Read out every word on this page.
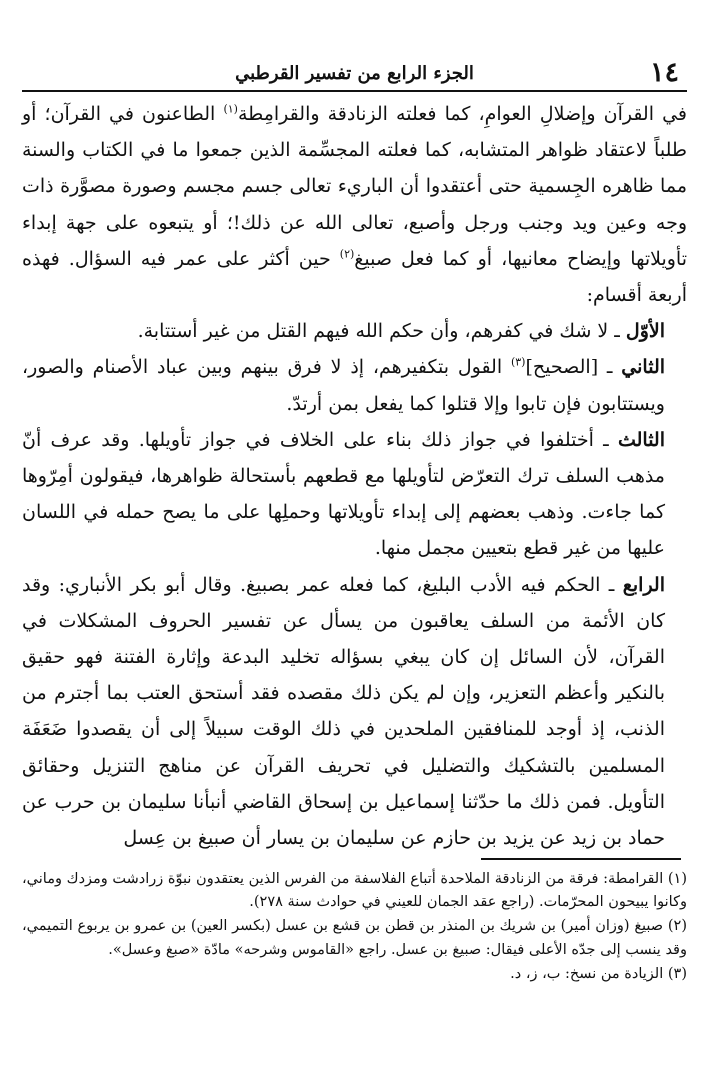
١٤
الجزء الرابع من تفسير القرطبي

في القرآن وإضلالِ العوامِ، كما فعلته الزنادقة والقرامِطة$^{(١)}$ الطاعنون في القرآن؛ أو طلباً لاعتقاد ظواهر المتشابه، كما فعلته المجسِّمة الذين جمعوا ما في الكتاب والسنة مما ظاهره الجِسمية حتى أعتقدوا أن الباريء تعالى جسم مجسم وصورة مصوَّرة ذات وجه وعين ويد وجنب ورجل وأصبع، تعالى الله عن ذلك!؛ أو يتبعوه على جهة إبداء تأويلاتها وإيضاح معانيها، أو كما فعل صبيغ$^{(٢)}$ حين أكثر على عمر فيه السؤال. فهذه أربعة أقسام:

الأوّل ـ لا شك في كفرهم، وأن حكم الله فيهم القتل من غير أستتابة.

الثاني ـ [الصحيح]$^{(٣)}$ القول بتكفيرهم، إذ لا فرق بينهم وبين عباد الأصنام والصور، ويستتابون فإن تابوا وإلا قتلوا كما يفعل بمن أرتدّ.

الثالث ـ أختلفوا في جواز ذلك بناء على الخلاف في جواز تأويلها. وقد عرف أنّ مذهب السلف ترك التعرّض لتأويلها مع قطعهم بأستحالة ظواهرها، فيقولون أمِرّوها كما جاءت. وذهب بعضهم إلى إبداء تأويلاتها وحملِها على ما يصح حمله في اللسان عليها من غير قطع بتعيين مجمل منها.

الرابع ـ الحكم فيه الأدب البليغ، كما فعله عمر بصبيغ. وقال أبو بكر الأنباري: وقد كان الأئمة من السلف يعاقبون من يسأل عن تفسير الحروف المشكلات في القرآن، لأن السائل إن كان يبغي بسؤاله تخليد البدعة وإثارة الفتنة فهو حقيق بالنكير وأعظم التعزير، وإن لم يكن ذلك مقصده فقد أستحق العتب بما أجترم من الذنب، إذ أوجد للمنافقين الملحدين في ذلك الوقت سبيلاً إلى أن يقصدوا ضَعَفَة المسلمين بالتشكيك والتضليل في تحريف القرآن عن مناهج التنزيل وحقائق التأويل. فمن ذلك ما حدّثنا إسماعيل بن إسحاق القاضي أنبأنا سليمان بن حرب عن حماد بن زيد عن يزيد بن حازم عن سليمان بن يسار أن صبيغ بن عِسل

(١) القرامطة: فرقة من الزنادقة الملاحدة أتباع الفلاسفة من الفرس الذين يعتقدون نبوّة زرادشت ومزدك وماني، وكانوا يبيحون المحرّمات. (راجع عقد الجمان للعيني في حوادث سنة ٢٧٨).

(٢) صبيغ (وزان أمير) بن شريك بن المنذر بن قطن بن قشع بن عسل (بكسر العين) بن عمرو بن يربوع التميمي، وقد ينسب إلى جدّه الأعلى فيقال: صبيغ بن عسل. راجع «القاموس وشرحه» مادّة «صبغ وعسل».

(٣) الزيادة من نسخ: ب، ز، د.
